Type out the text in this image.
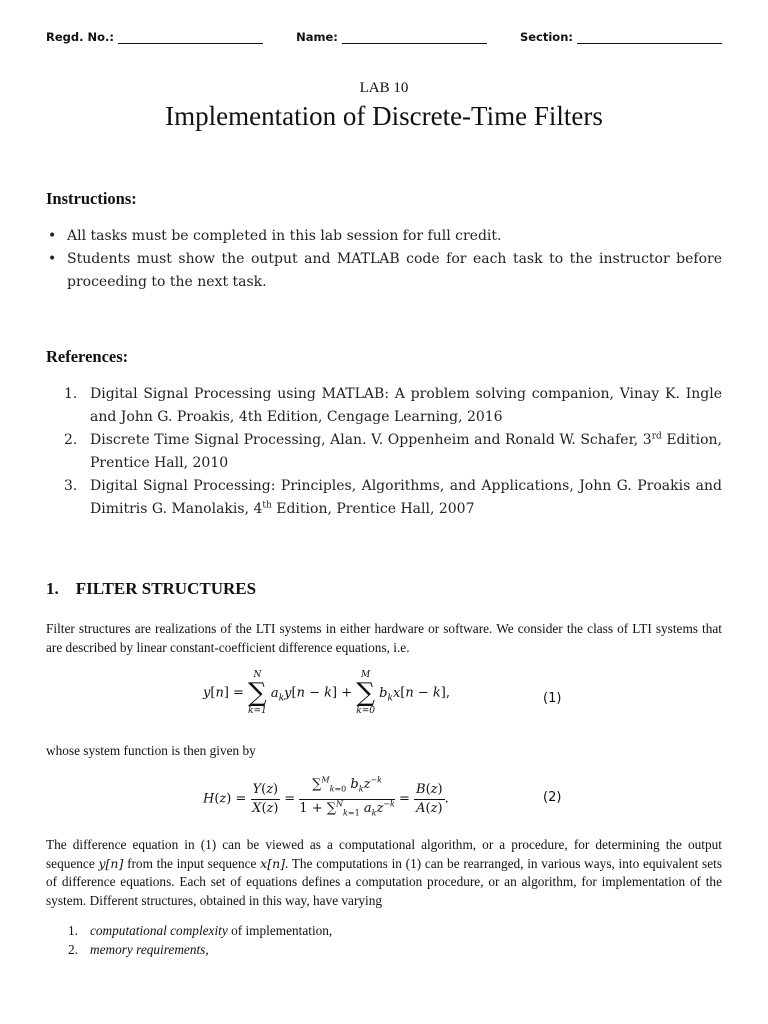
Regd. No.:	Name:	Section:
LAB 10
Implementation of Discrete-Time Filters
Instructions:
• All tasks must be completed in this lab session for full credit.
• Students must show the output and MATLAB code for each task to the instructor before proceeding to the next task.
References:
1. Digital Signal Processing using MATLAB: A problem solving companion, Vinay K. Ingle and John G. Proakis, 4th Edition, Cengage Learning, 2016
2. Discrete Time Signal Processing, Alan. V. Oppenheim and Ronald W. Schafer, 3rd Edition, Prentice Hall, 2010
3. Digital Signal Processing: Principles, Algorithms, and Applications, John G. Proakis and Dimitris G. Manolakis, 4th Edition, Prentice Hall, 2007
1. FILTER STRUCTURES
Filter structures are realizations of the LTI systems in either hardware or software. We consider the class of LTI systems that are described by linear constant-coefficient difference equations, i.e.
y[n] =
N
∑
k=1
$a_ky[n - k]$ +
M
∑
k=0
$b_kx[n - k]$,	(1)
whose system function is then given by
$H(z) = \frac{Y(z)}{X(z)} = \frac{\sum^M_{k=0} b_kz^{-k}}{1 + \sum^N_{k=1} a_kz^{-k}} = \frac{B(z)}{A(z)}$ .	(2)
The difference equation in (1) can be viewed as a computational algorithm, or a procedure, for determining the output sequence y[n] from the input sequence x[n]. The computations in (1) can be rearranged, in various ways, into equivalent sets of difference equations. Each set of equations defines a computation procedure, or an algorithm, for implementation of the system. Different structures, obtained in this way, have varying
1. computational complexity of implementation,
2. memory requirements,
